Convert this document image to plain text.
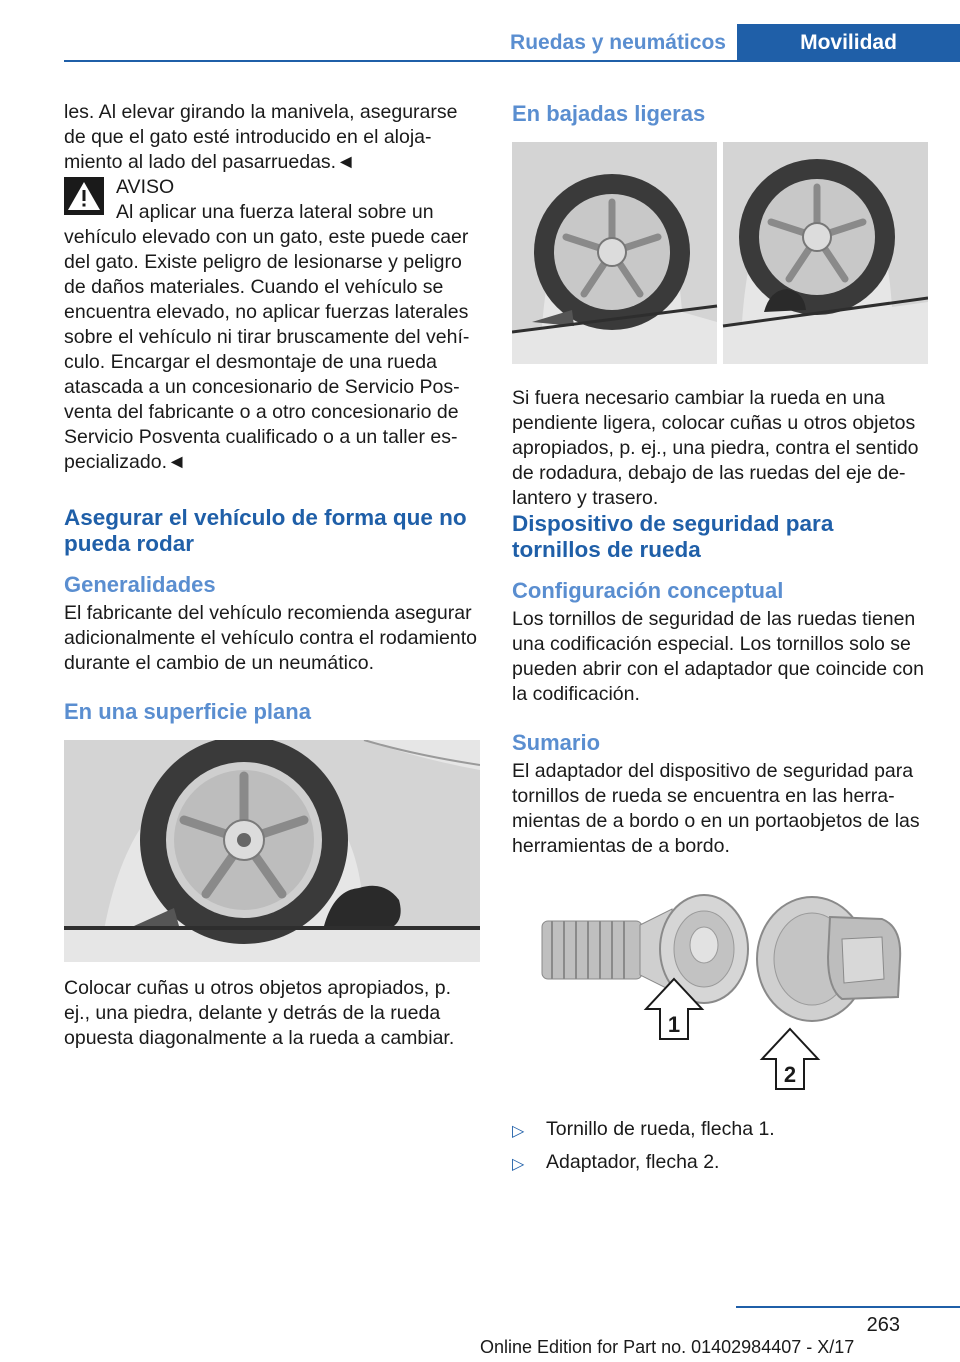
Ruedas y neumáticos	Movilidad

les. Al elevar girando la manivela, asegurarse de que el gato esté introducido en el alojamiento al lado del pasarruedas.◄

AVISO
Al aplicar una fuerza lateral sobre un

vehículo elevado con un gato, este puede caer del gato. Existe peligro de lesionarse y peligro de daños materiales. Cuando el vehículo se encuentra elevado, no aplicar fuerzas laterales sobre el vehículo ni tirar bruscamente del vehículo. Encargar el desmontaje de una rueda atascada a un concesionario de Servicio Posventa del fabricante o a otro concesionario de Servicio Posventa cualificado o a un taller especializado.◄

Asegurar el vehículo de forma que no pueda rodar
Generalidades

El fabricante del vehículo recomienda asegurar adicionalmente el vehículo contra el rodamiento durante el cambio de un neumático.

En una superficie plana

Colocar cuñas u otros objetos apropiados, p. ej., una piedra, delante y detrás de la rueda opuesta diagonalmente a la rueda a cambiar.

En bajadas ligeras

Si fuera necesario cambiar la rueda en una pendiente ligera, colocar cuñas u otros objetos apropiados, p. ej., una piedra, contra el sentido de rodadura, debajo de las ruedas del eje delantero y trasero.

Dispositivo de seguridad para tornillos de rueda
Configuración conceptual

Los tornillos de seguridad de las ruedas tienen una codificación especial. Los tornillos solo se pueden abrir con el adaptador que coincide con la codificación.

Sumario

El adaptador del dispositivo de seguridad para tornillos de rueda se encuentra en las herramientas de a bordo o en un portaobjetos de las herramientas de a bordo.

1
2
▷ Tornillo de rueda, flecha 1.
▷ Adaptador, flecha 2.
263
Online Edition for Part no. 01402984407 - X/17
